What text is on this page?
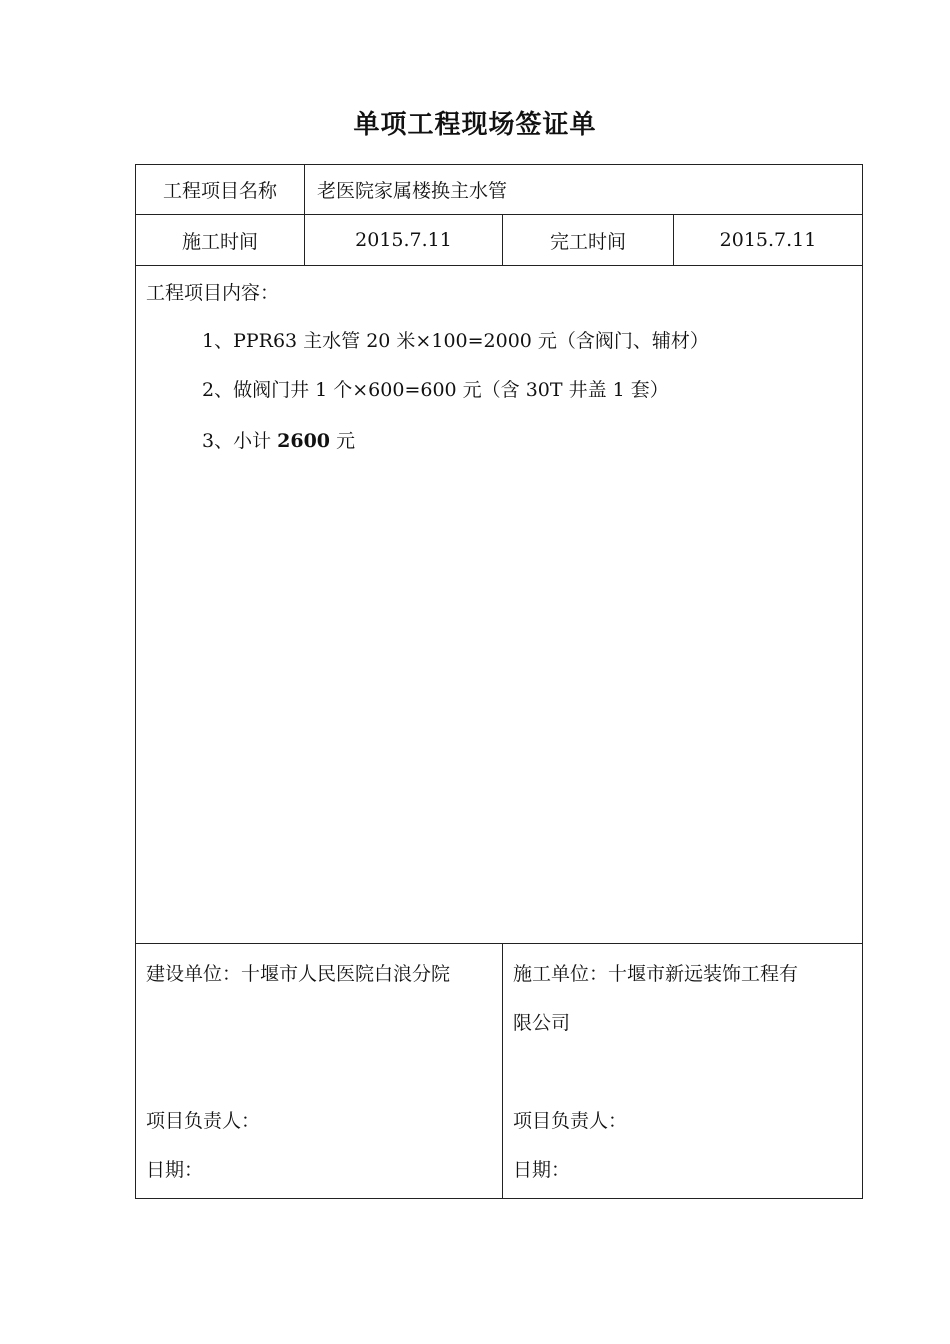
单项工程现场签证单
工程项目名称	老医院家属楼换主水管
施工时间	2015.7.11	完工时间	2015.7.11
工程项目内容：
1、PPR63 主水管 20 米×100=2000 元（含阀门、辅材）
2、做阀门井 1 个×600=600 元（含 30T 井盖 1 套）
3、小计 2600 元
建设单位：十堰市人民医院白浪分院
项目负责人：
日期：
施工单位：十堰市新远装饰工程有
限公司
项目负责人：
日期：
